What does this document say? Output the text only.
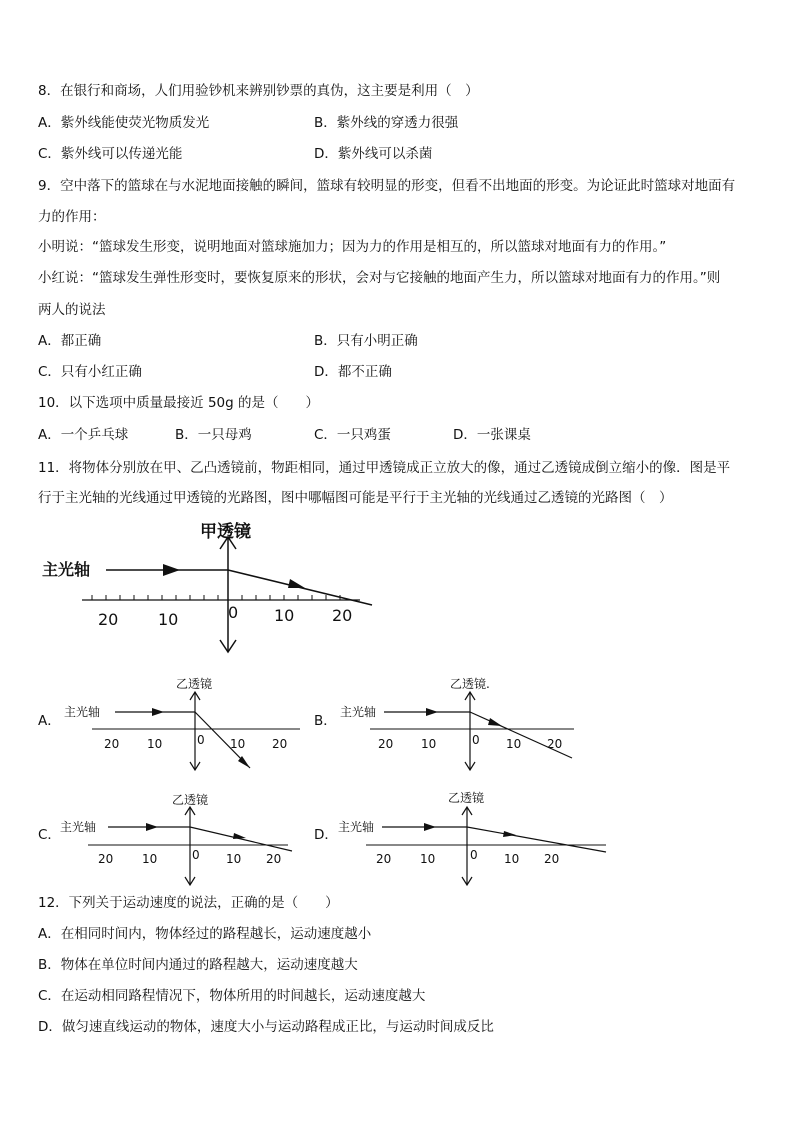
8．在银行和商场，人们用验钞机来辨别钞票的真伪，这主要是利用（　）
A．紫外线能使荧光物质发光	B．紫外线的穿透力很强
C．紫外线可以传递光能	D．紫外线可以杀菌
9．空中落下的篮球在与水泥地面接触的瞬间，篮球有较明显的形变，但看不出地面的形变。为论证此时篮球对地面有
力的作用：
小明说：“篮球发生形变，说明地面对篮球施加力；因为力的作用是相互的，所以篮球对地面有力的作用。”
小红说：“篮球发生弹性形变时，要恢复原来的形状，会对与它接触的地面产生力，所以篮球对地面有力的作用。”则
两人的说法
A．都正确	B．只有小明正确
C．只有小红正确	D．都不正确
10．以下选项中质量最接近 50g 的是（　　）
A．一个乒乓球	B．一只母鸡	C．一只鸡蛋	D．一张课桌
11．将物体分别放在甲、乙凸透镜前，物距相同，通过甲透镜成正立放大的像，通过乙透镜成倒立缩小的像．图是平
行于主光轴的光线通过甲透镜的光路图，图中哪幅图可能是平行于主光轴的光线通过乙透镜的光路图（　）
甲透镜
主光轴
20 10	0 10 20
A．
乙透镜
主光轴
20 10	0 10 20
B．
乙透镜.
主光轴
20 10	0 10 20
C．
乙透镜
主光轴
20 10	0 10 20
D．
乙透镜
主光轴
20 10	0 10 20
12．下列关于运动速度的说法，正确的是（　　）
A．在相同时间内，物体经过的路程越长，运动速度越小
B．物体在单位时间内通过的路程越大，运动速度越大
C．在运动相同路程情况下，物体所用的时间越长，运动速度越大
D．做匀速直线运动的物体，速度大小与运动路程成正比，与运动时间成反比
